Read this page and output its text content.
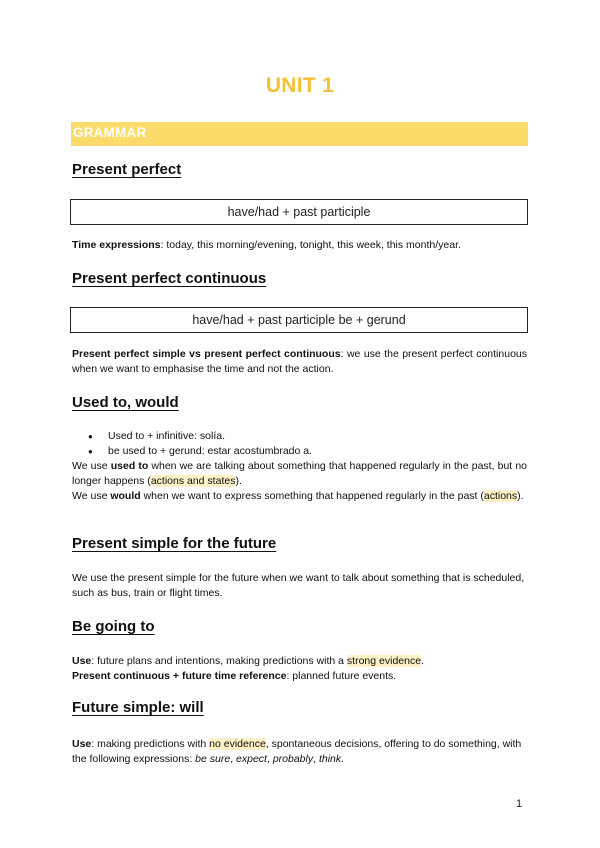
UNIT 1
GRAMMAR
Present perfect
have/had + past participle
Time expressions: today, this morning/evening, tonight, this week, this month/year.
Present perfect continuous
have/had + past participle be + gerund
Present perfect simple vs present perfect continuous: we use the present perfect continuous when we want to emphasise the time and not the action.
Used to, would
● Used to + infinitive: solía.
● be used to + gerund: estar acostumbrado a.
We use used to when we are talking about something that happened regularly in the past, but no longer happens (actions and states).
We use would when we want to express something that happened regularly in the past (actions).
Present simple for the future
We use the present simple for the future when we want to talk about something that is scheduled, such as bus, train or flight times.
Be going to
Use: future plans and intentions, making predictions with a strong evidence.
Present continuous + future time reference: planned future events.
Future simple: will
Use: making predictions with no evidence, spontaneous decisions, offering to do something, with the following expressions: be sure, expect, probably, think.
1
